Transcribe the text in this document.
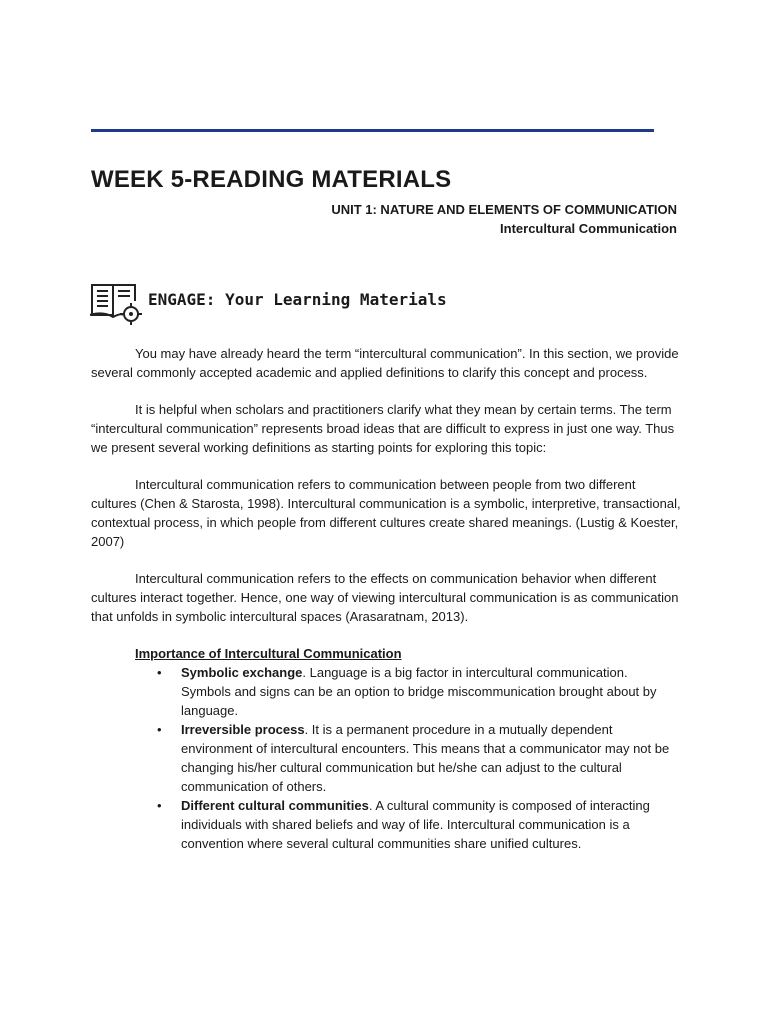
WEEK 5-READING MATERIALS
UNIT 1: NATURE AND ELEMENTS OF COMMUNICATION
Intercultural Communication
ENGAGE: Your Learning Materials

You may have already heard the term “intercultural communication”. In this section, we provide several commonly accepted academic and applied definitions to clarify this concept and process.

It is helpful when scholars and practitioners clarify what they mean by certain terms. The term “intercultural communication” represents broad ideas that are difficult to express in just one way. Thus we present several working definitions as starting points for exploring this topic:

Intercultural communication refers to communication between people from two different cultures (Chen & Starosta, 1998). Intercultural communication is a symbolic, interpretive, transactional, contextual process, in which people from different cultures create shared meanings. (Lustig & Koester, 2007)

Intercultural communication refers to the effects on communication behavior when different cultures interact together. Hence, one way of viewing intercultural communication is as communication that unfolds in symbolic intercultural spaces (Arasaratnam, 2013).

Importance of Intercultural Communication
• Symbolic exchange. Language is a big factor in intercultural communication. Symbols and signs can be an option to bridge miscommunication brought about by language.
• Irreversible process. It is a permanent procedure in a mutually dependent environment of intercultural encounters. This means that a communicator may not be changing his/her cultural communication but he/she can adjust to the cultural communication of others.
• Different cultural communities. A cultural community is composed of interacting individuals with shared beliefs and way of life. Intercultural communication is a convention where several cultural communities share unified cultures.
